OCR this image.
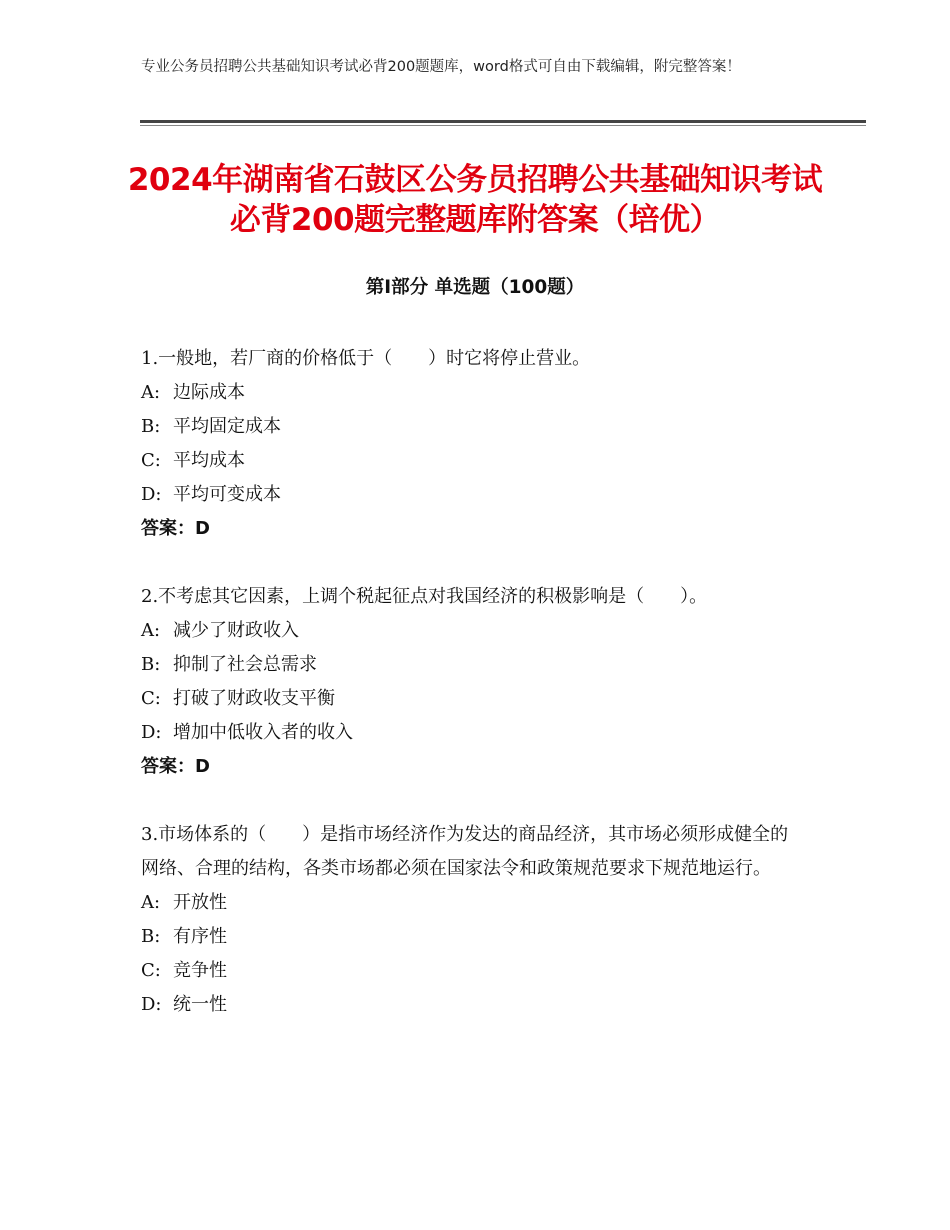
专业公务员招聘公共基础知识考试必背200题题库，word格式可自由下载编辑，附完整答案！
2024年湖南省石鼓区公务员招聘公共基础知识考试必背200题完整题库附答案（培优）
第Ⅰ部分 单选题（100题）
1.一般地，若厂商的价格低于（　　）时它将停止营业。
A: 边际成本
B: 平均固定成本
C: 平均成本
D: 平均可变成本
答案：D
2.不考虑其它因素，上调个税起征点对我国经济的积极影响是（　　）。
A: 减少了财政收入
B: 抑制了社会总需求
C: 打破了财政收支平衡
D: 增加中低收入者的收入
答案：D
3.市场体系的（　　）是指市场经济作为发达的商品经济，其市场必须形成健全的网络、合理的结构，各类市场都必须在国家法令和政策规范要求下规范地运行。
A: 开放性
B: 有序性
C: 竞争性
D: 统一性
